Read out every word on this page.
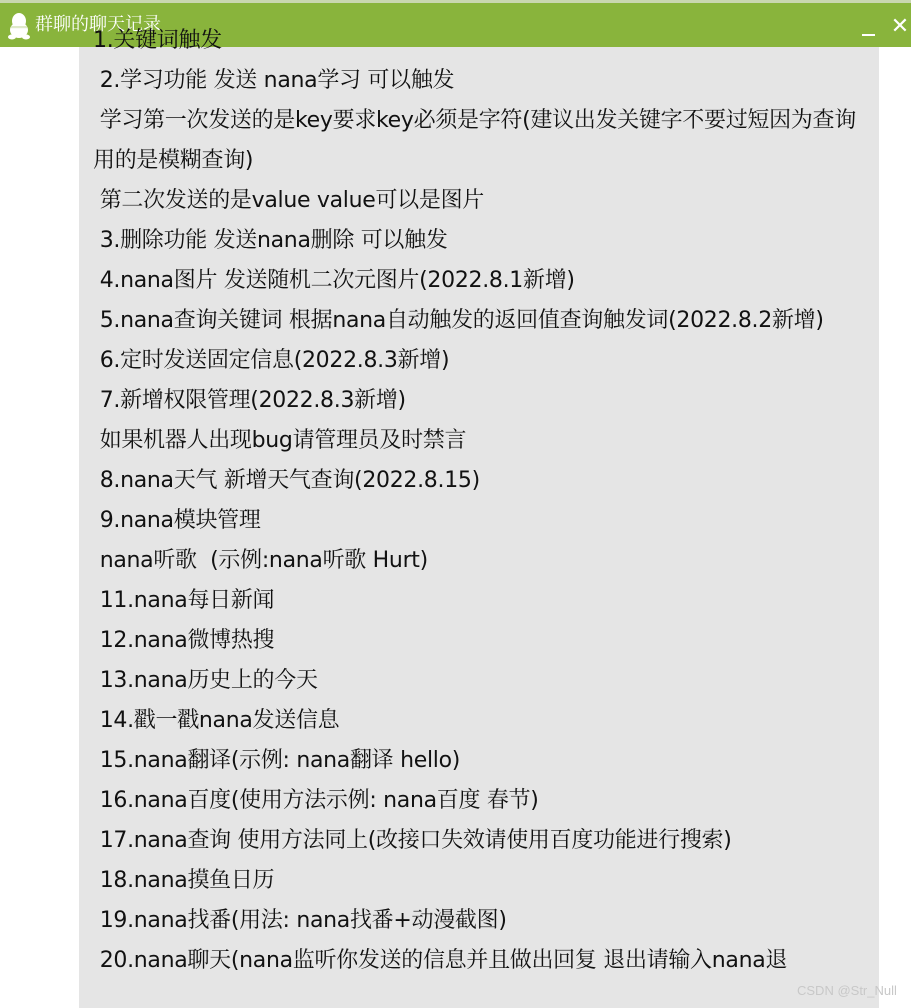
群聊的聊天记录	✕
1.关键词触发
2.学习功能 发送 nana学习 可以触发
学习第一次发送的是key要求key必须是字符(建议出发关键字不要过短因为查询用的是模糊查询)
第二次发送的是value value可以是图片
3.删除功能 发送nana删除 可以触发
4.nana图片 发送随机二次元图片(2022.8.1新增)
5.nana查询关键词 根据nana自动触发的返回值查询触发词(2022.8.2新增)
6.定时发送固定信息(2022.8.3新增)
7.新增权限管理(2022.8.3新增)
如果机器人出现bug请管理员及时禁言
8.nana天气 新增天气查询(2022.8.15)
9.nana模块管理
nana听歌  (示例:nana听歌 Hurt)
11.nana每日新闻
12.nana微博热搜
13.nana历史上的今天
14.戳一戳nana发送信息
15.nana翻译(示例: nana翻译 hello)
16.nana百度(使用方法示例: nana百度 春节)
17.nana查询 使用方法同上(改接口失效请使用百度功能进行搜索)
18.nana摸鱼日历
19.nana找番(用法: nana找番+动漫截图)
20.nana聊天(nana监听你发送的信息并且做出回复 退出请输入nana退
CSDN @Str_Null
